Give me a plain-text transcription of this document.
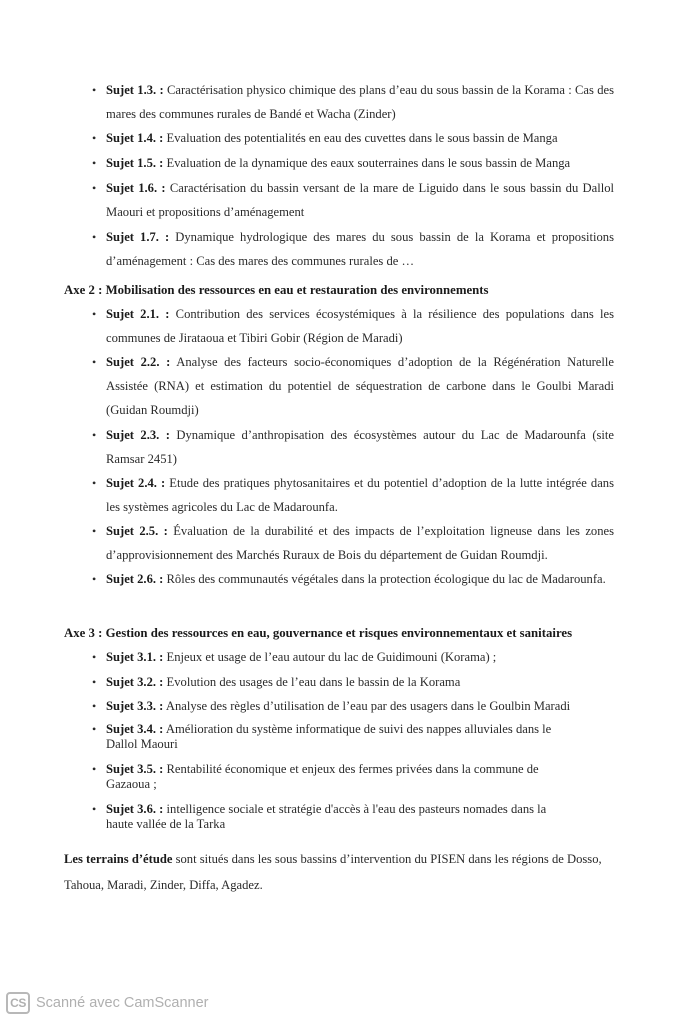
• Sujet 1.3. : Caractérisation physico chimique des plans d’eau du sous bassin de la Korama : Cas des mares des communes rurales de Bandé et Wacha (Zinder)
• Sujet 1.4. : Evaluation des potentialités en eau des cuvettes dans le sous bassin de Manga
• Sujet 1.5. : Evaluation de la dynamique des eaux souterraines dans le sous bassin de Manga
• Sujet 1.6. : Caractérisation du bassin versant de la mare de Liguido dans le sous bassin du Dallol Maouri et propositions d’aménagement
• Sujet 1.7. : Dynamique hydrologique des mares du sous bassin de la Korama et propositions d’aménagement : Cas des mares des communes rurales de …
Axe 2 : Mobilisation des ressources en eau et restauration des environnements
• Sujet 2.1. : Contribution des services écosystémiques à la résilience des populations dans les communes de Jirataoua et Tibiri Gobir (Région de Maradi)
• Sujet 2.2. : Analyse des facteurs socio-économiques d’adoption de la Régénération Naturelle Assistée (RNA) et estimation du potentiel de séquestration de carbone dans le Goulbi Maradi (Guidan Roumdji)
• Sujet 2.3. : Dynamique d’anthropisation des écosystèmes autour du Lac de Madarounfa (site Ramsar 2451)
• Sujet 2.4. : Etude des pratiques phytosanitaires et du potentiel d’adoption de la lutte intégrée dans les systèmes agricoles du Lac de Madarounfa.
• Sujet 2.5. : Évaluation de la durabilité et des impacts de l’exploitation ligneuse dans les zones d’approvisionnement des Marchés Ruraux de Bois du département de Guidan Roumdji.
• Sujet 2.6. : Rôles des communautés végétales dans la protection écologique du lac de Madarounfa.
Axe 3 : Gestion des ressources en eau, gouvernance et risques environnementaux et sanitaires
• Sujet 3.1. : Enjeux et usage de l’eau autour du lac de Guidimouni (Korama) ;
• Sujet 3.2. : Evolution des usages de l’eau dans le bassin de la Korama
• Sujet 3.3. : Analyse des règles d’utilisation de l’eau par des usagers dans le Goulbin Maradi
• Sujet 3.4. : Amélioration du système informatique de suivi des nappes alluviales dans le Dallol Maouri
• Sujet 3.5. : Rentabilité économique et enjeux des fermes privées dans la commune de Gazaoua ;
• Sujet 3.6. : intelligence sociale et stratégie d'accès à l'eau des pasteurs nomades dans la haute vallée de la Tarka
Les terrains d’étude sont situés dans les sous bassins d’intervention du PISEN dans les régions de Dosso, Tahoua, Maradi, Zinder, Diffa, Agadez.
CS Scanné avec CamScanner
